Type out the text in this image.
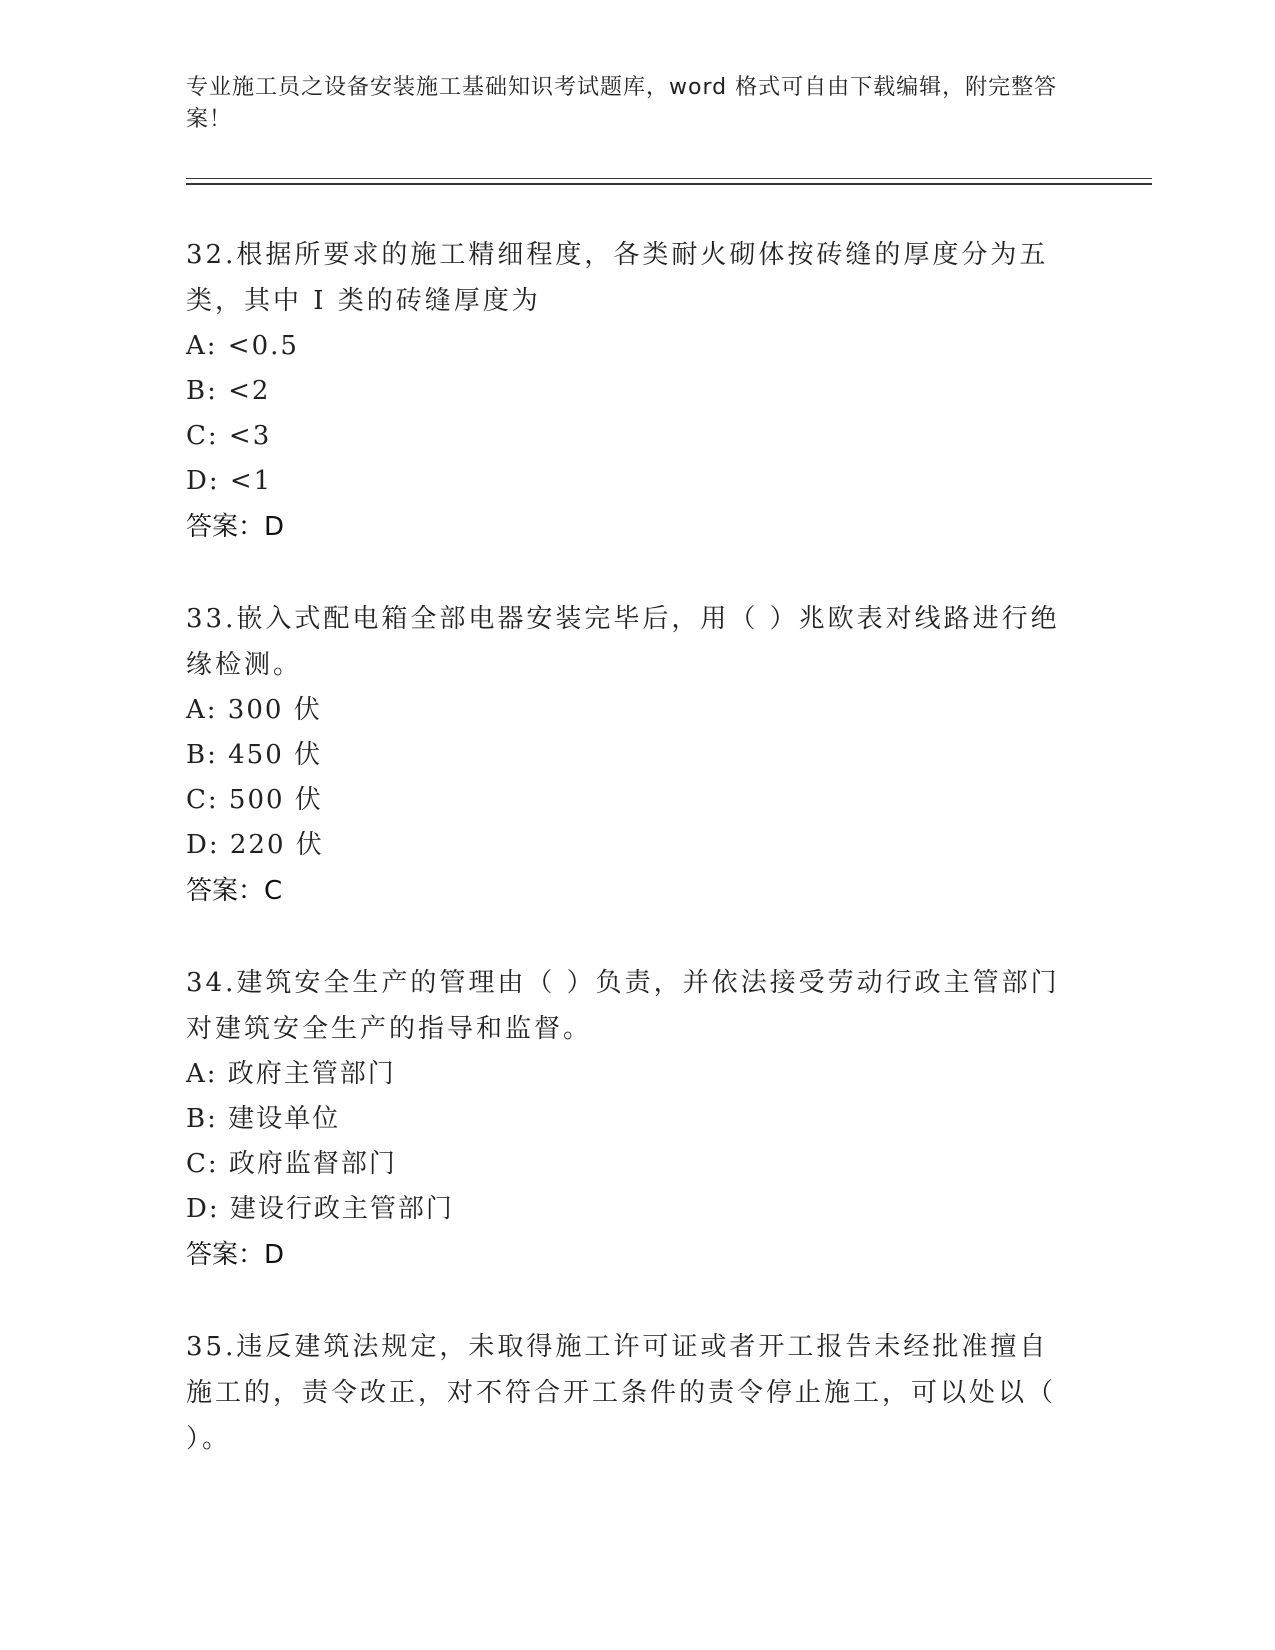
专业施工员之设备安装施工基础知识考试题库，word 格式可自由下载编辑，附完整答案！

32.根据所要求的施工精细程度，各类耐火砌体按砖缝的厚度分为五类，其中 I 类的砖缝厚度为

A: <0.5

B: <2

C: <3

D: <1

答案：D

33.嵌入式配电箱全部电器安装完毕后，用（ ）兆欧表对线路进行绝缘检测。

A: 300 伏

B: 450 伏

C: 500 伏

D: 220 伏

答案：C

34.建筑安全生产的管理由（ ）负责，并依法接受劳动行政主管部门对建筑安全生产的指导和监督。

A: 政府主管部门

B: 建设单位

C: 政府监督部门

D: 建设行政主管部门

答案：D

35.违反建筑法规定，未取得施工许可证或者开工报告未经批准擅自施工的，责令改正，对不符合开工条件的责令停止施工，可以处以（ ）。
